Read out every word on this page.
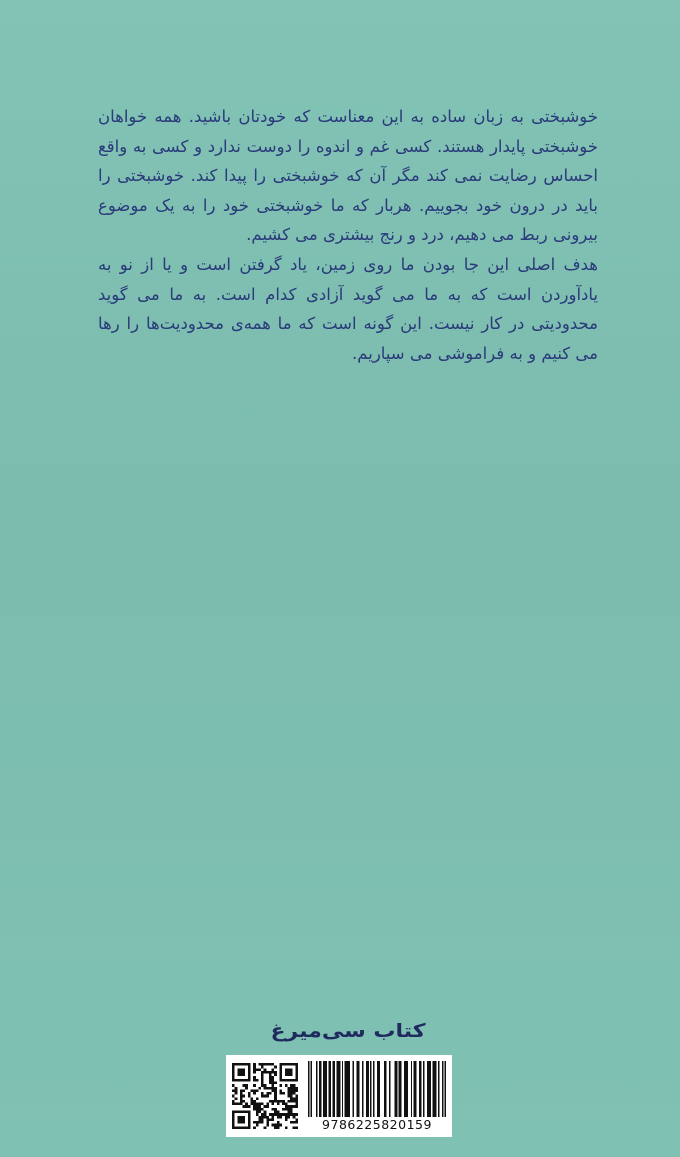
خوشبختی به زبان ساده به این معناست که خودتان باشید. همه خواهان خوشبختی پایدار هستند. کسی غم و اندوه را دوست ندارد و کسی به واقع احساس رضایت نمی کند مگر آن که خوشبختی را پیدا کند. خوشبختی را باید در درون خود بجوییم. هربار که ما خوشبختی خود را به یک موضوع بیرونی ربط می دهیم، درد و رنج بیشتری می کشیم.

هدف اصلی این جا بودن ما روی زمین، یاد گرفتن است و یا از نو به یادآوردن است که به ما می گوید آزادی کدام است. به ما می گوید محدودیتی در کار نیست. این گونه است که ما همه‌ی محدودیت‌ها را رها می کنیم و به فراموشی می سپاریم.

کتاب سی‌میرغ
9786225820159
